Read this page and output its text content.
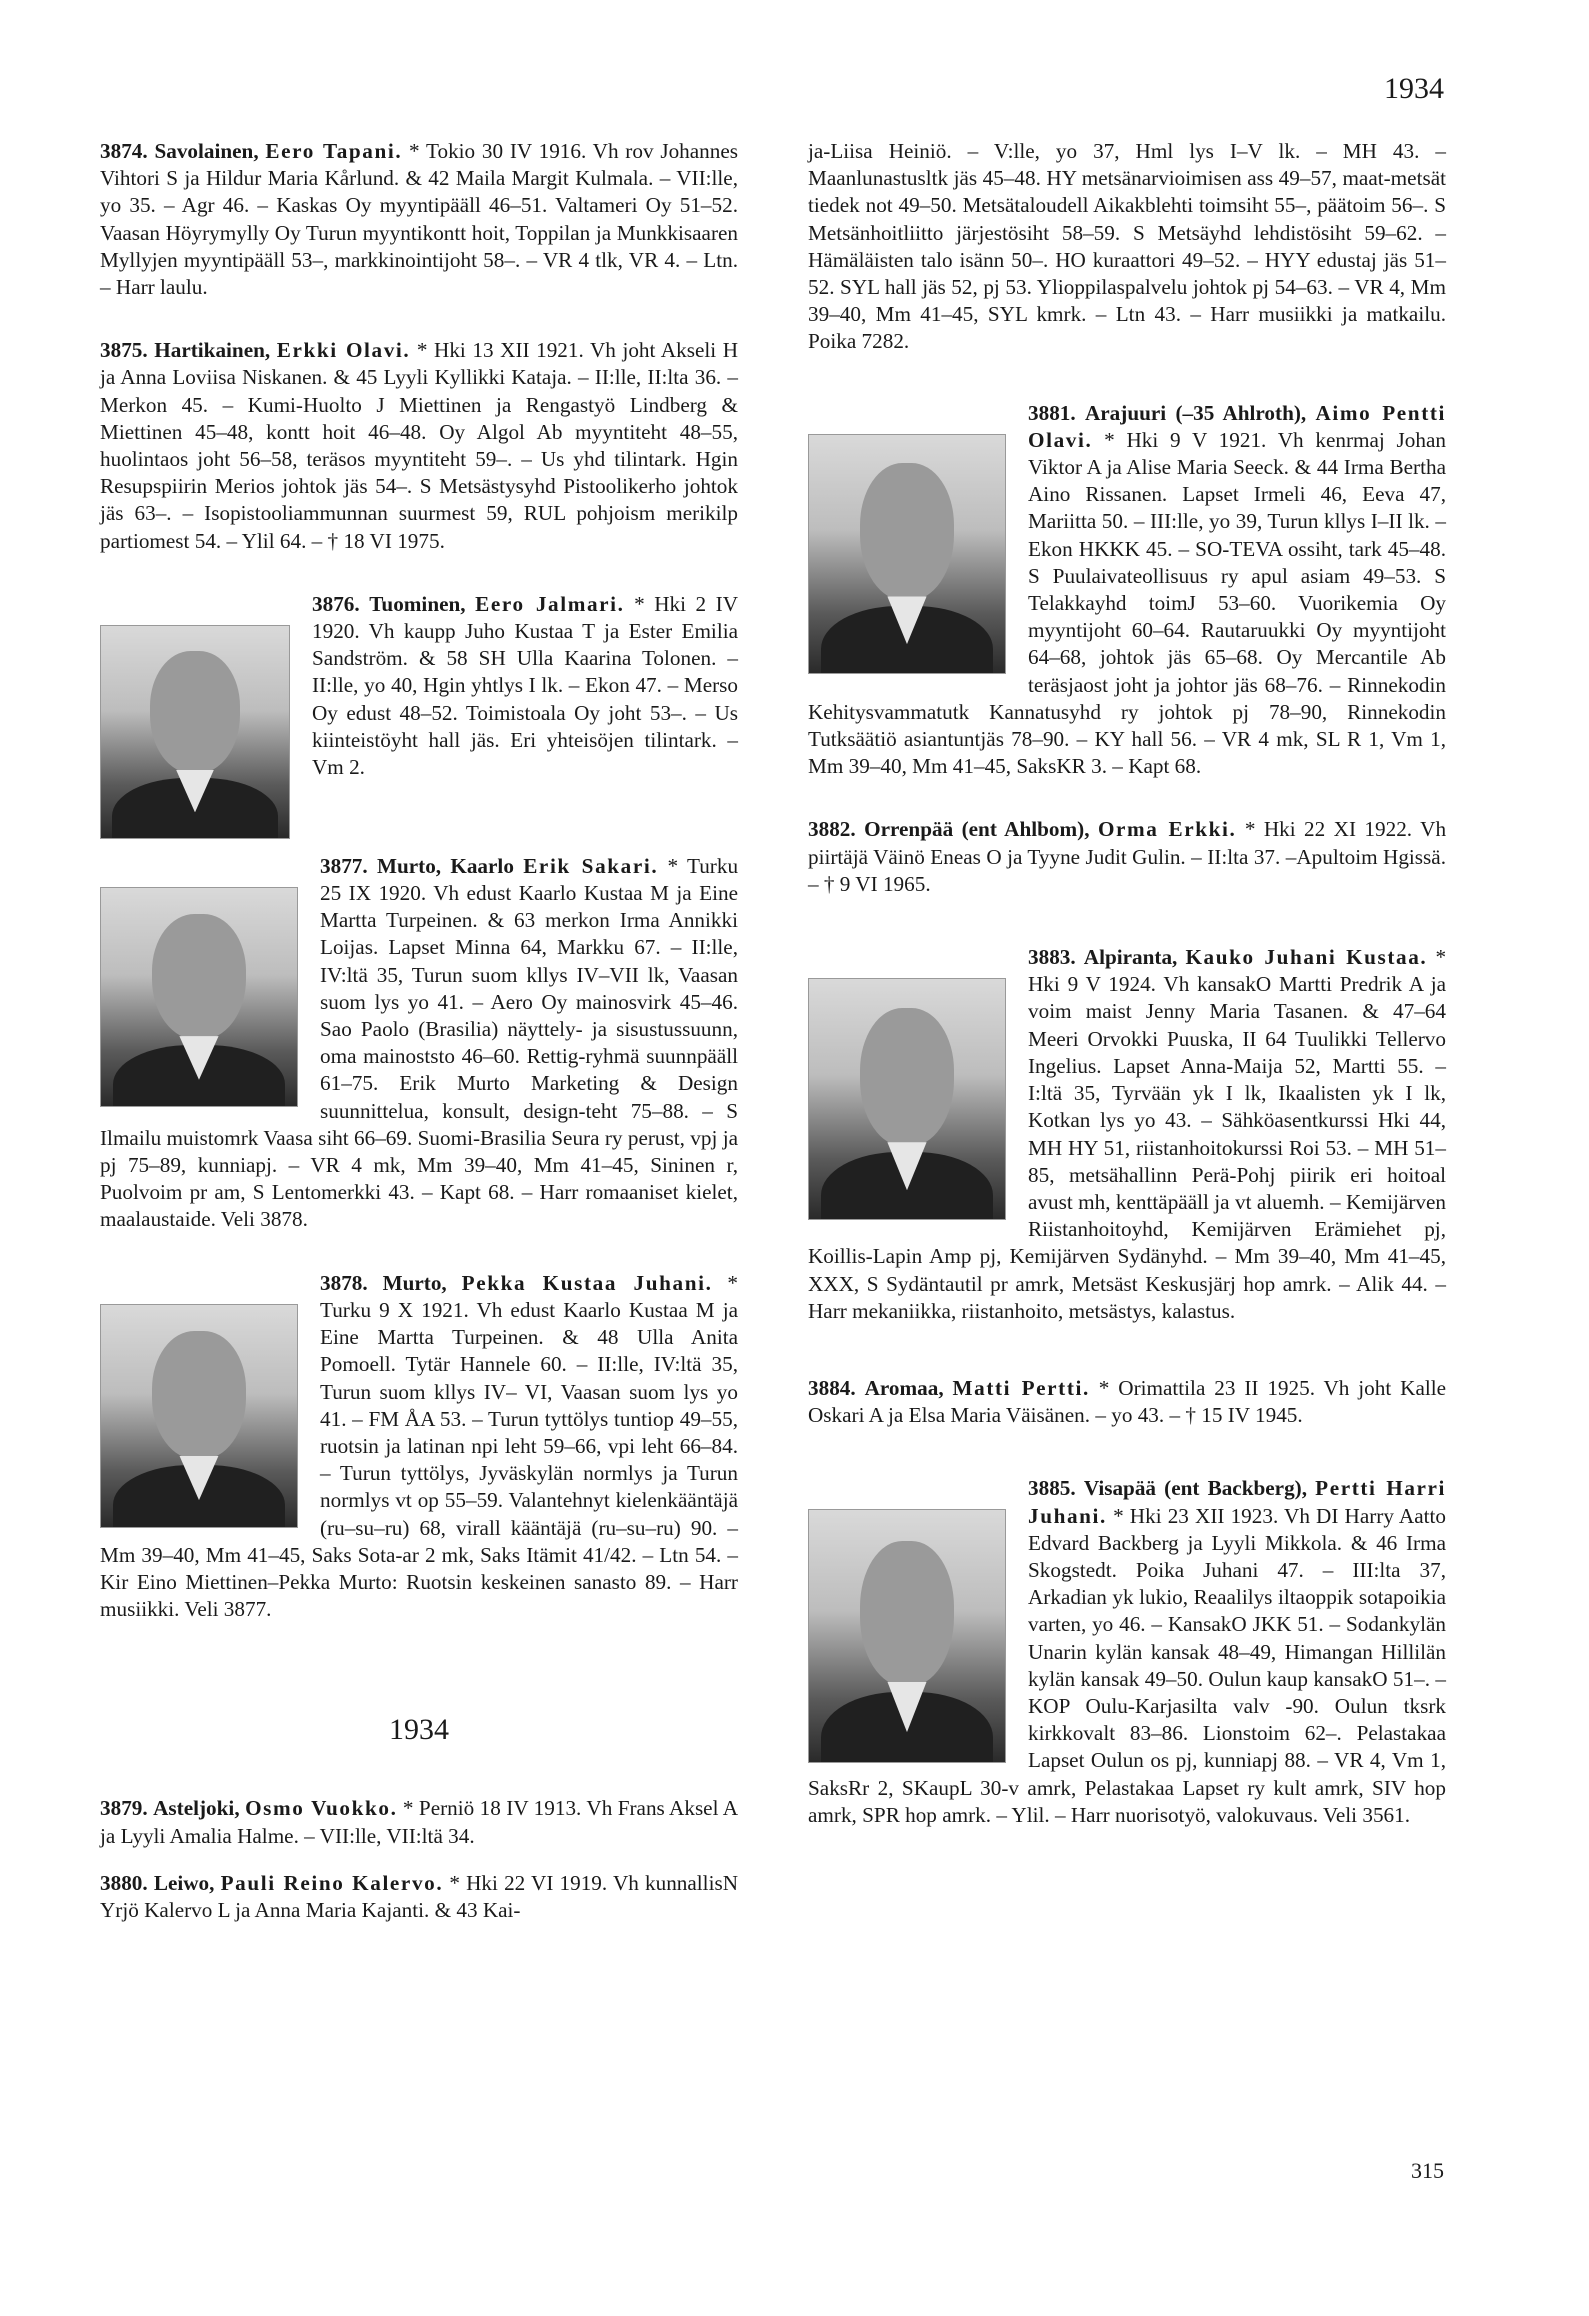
1934

3874. Savolainen, Eero Tapani. * Tokio 30 IV 1916. Vh rov Johannes Vihtori S ja Hildur Maria Kårlund. & 42 Maila Margit Kulmala. – VII:lle, yo 35. – Agr 46. – Kaskas Oy myyntipääll 46–51. Valtameri Oy 51–52. Vaasan Höyrymylly Oy Turun myyntikontt hoit, Toppilan ja Munkkisaaren Myllyjen myyntipääll 53–, markkinointijoht 58–. – VR 4 tlk, VR 4. – Ltn. – Harr laulu.

3875. Hartikainen, Erkki Olavi. * Hki 13 XII 1921. Vh joht Akseli H ja Anna Loviisa Niskanen. & 45 Lyyli Kyllikki Kataja. – II:lle, II:lta 36. – Merkon 45. – Kumi-Huolto J Miettinen ja Rengastyö Lindberg & Miettinen 45–48, kontt hoit 46–48. Oy Algol Ab myyntiteht 48–55, huolintaos joht 56–58, teräsos myyntiteht 59–. – Us yhd tilintark. Hgin Resupspiirin Merios johtok jäs 54–. S Metsästysyhd Pistoolikerho johtok jäs 63–. – Isopistooliammunnan suurmest 59, RUL pohjoism merikilp partiomest 54. – Ylil 64. – † 18 VI 1975.

3876. Tuominen, Eero Jalmari. * Hki 2 IV 1920. Vh kaupp Juho Kustaa T ja Ester Emilia Sandström. & 58 SH Ulla Kaarina Tolonen. – II:lle, yo 40, Hgin yhtlys I lk. – Ekon 47. – Merso Oy edust 48–52. Toimistoala Oy joht 53–. – Us kiinteistöyht hall jäs. Eri yhteisöjen tilintark. – Vm 2.

3877. Murto, Kaarlo Erik Sakari. * Turku 25 IX 1920. Vh edust Kaarlo Kustaa M ja Eine Martta Turpeinen. & 63 merkon Irma Annikki Loijas. Lapset Minna 64, Markku 67. – II:lle, IV:ltä 35, Turun suom kllys IV–VII lk, Vaasan suom lys yo 41. – Aero Oy mainosvirk 45–46. Sao Paolo (Brasilia) näyttely- ja sisustussuunn, oma mainoststo 46–60. Rettig-ryhmä suunnpääll 61–75. Erik Murto Marketing & Design suunnittelua, konsult, design-teht 75–88. – S Ilmailu muistomrk Vaasa siht 66–69. Suomi-Brasilia Seura ry perust, vpj ja pj 75–89, kunniapj. – VR 4 mk, Mm 39–40, Mm 41–45, Sininen r, Puolvoim pr am, S Lentomerkki 43. – Kapt 68. – Harr romaaniset kielet, maalaustaide. Veli 3878.

3878. Murto, Pekka Kustaa Juhani. * Turku 9 X 1921. Vh edust Kaarlo Kustaa M ja Eine Martta Turpeinen. & 48 Ulla Anita Pomoell. Tytär Hannele 60. – II:lle, IV:ltä 35, Turun suom kllys IV– VI, Vaasan suom lys yo 41. – FM ÅA 53. – Turun tyttölys tuntiop 49–55, ruotsin ja latinan npi leht 59–66, vpi leht 66–84. – Turun tyttölys, Jyväskylän normlys ja Turun normlys vt op 55–59. Valantehnyt kielenkääntäjä (ru–su–ru) 68, virall kääntäjä (ru–su–ru) 90. – Mm 39–40, Mm 41–45, Saks Sota-ar 2 mk, Saks Itämit 41/42. – Ltn 54. – Kir Eino Miettinen–Pekka Murto: Ruotsin keskeinen sanasto 89. – Harr musiikki. Veli 3877.

1934

3879. Asteljoki, Osmo Vuokko. * Perniö 18 IV 1913. Vh Frans Aksel A ja Lyyli Amalia Halme. – VII:lle, VII:ltä 34.

3880. Leiwo, Pauli Reino Kalervo. * Hki 22 VI 1919. Vh kunnallisN Yrjö Kalervo L ja Anna Maria Kajanti. & 43 Kai-

ja-Liisa Heiniö. – V:lle, yo 37, Hml lys I–V lk. – MH 43. – Maanlunastusltk jäs 45–48. HY metsänarvioimisen ass 49–57, maat-metsät tiedek not 49–50. Metsätaloudell Aikakblehti toimsiht 55–, päätoim 56–. S Metsänhoitliitto järjestösiht 58–59. S Metsäyhd lehdistösiht 59–62. – Hämäläisten talo isänn 50–. HO kuraattori 49–52. – HYY edustaj jäs 51–52. SYL hall jäs 52, pj 53. Ylioppilaspalvelu johtok pj 54–63. – VR 4, Mm 39–40, Mm 41–45, SYL kmrk. – Ltn 43. – Harr musiikki ja matkailu. Poika 7282.

3881. Arajuuri (–35 Ahlroth), Aimo Pentti Olavi. * Hki 9 V 1921. Vh kenrmaj Johan Viktor A ja Alise Maria Seeck. & 44 Irma Bertha Aino Rissanen. Lapset Irmeli 46, Eeva 47, Mariitta 50. – III:lle, yo 39, Turun kllys I–II lk. – Ekon HKKK 45. – SO-TEVA ossiht, tark 45–48. S Puulaivateollisuus ry apul asiam 49–53. S Telakkayhd toimJ 53–60. Vuorikemia Oy myyntijoht 60–64. Rautaruukki Oy myyntijoht 64–68, johtok jäs 65–68. Oy Mercantile Ab teräsjaost joht ja johtor jäs 68–76. – Rinnekodin Kehitysvammatutk Kannatusyhd ry johtok pj 78–90, Rinnekodin Tutksäätiö asiantuntjäs 78–90. – KY hall 56. – VR 4 mk, SL R 1, Vm 1, Mm 39–40, Mm 41–45, SaksKR 3. – Kapt 68.

3882. Orrenpää (ent Ahlbom), Orma Erkki. * Hki 22 XI 1922. Vh piirtäjä Väinö Eneas O ja Tyyne Judit Gulin. – II:lta 37. –Apultoim Hgissä. – † 9 VI 1965.

3883. Alpiranta, Kauko Juhani Kustaa. * Hki 9 V 1924. Vh kansakO Martti Predrik A ja voim maist Jenny Maria Tasanen. & 47–64 Meeri Orvokki Puuska, II 64 Tuulikki Tellervo Ingelius. Lapset Anna-Maija 52, Martti 55. – I:ltä 35, Tyrvään yk I lk, Ikaalisten yk I lk, Kotkan lys yo 43. – Sähköasentkurssi Hki 44, MH HY 51, riistanhoitokurssi Roi 53. – MH 51–85, metsähallinn Perä-Pohj piirik eri hoitoal avust mh, kenttäpääll ja vt aluemh. – Kemijärven Riistanhoitoyhd, Kemijärven Erämiehet pj, Koillis-Lapin Amp pj, Kemijärven Sydänyhd. – Mm 39–40, Mm 41–45, XXX, S Sydäntautil pr amrk, Metsäst Keskusjärj hop amrk. – Alik 44. – Harr mekaniikka, riistanhoito, metsästys, kalastus.

3884. Aromaa, Matti Pertti. * Orimattila 23 II 1925. Vh joht Kalle Oskari A ja Elsa Maria Väisänen. – yo 43. – † 15 IV 1945.

3885. Visapää (ent Backberg), Pertti Harri Juhani. * Hki 23 XII 1923. Vh DI Harry Aatto Edvard Backberg ja Lyyli Mikkola. & 46 Irma Skogstedt. Poika Juhani 47. – III:lta 37, Arkadian yk lukio, Reaalilys iltaoppik sotapoikia varten, yo 46. – KansakO JKK 51. – Sodankylän Unarin kylän kansak 48–49, Himangan Hillilän kylän kansak 49–50. Oulun kaup kansakO 51–. – KOP Oulu-Karjasilta valv -90. Oulun tksrk kirkkovalt 83–86. Lionstoim 62–. Pelastakaa Lapset Oulun os pj, kunniapj 88. – VR 4, Vm 1, SaksRr 2, SKaupL 30-v amrk, Pelastakaa Lapset ry kult amrk, SIV hop amrk, SPR hop amrk. – Ylil. – Harr nuorisotyö, valokuvaus. Veli 3561.

315
